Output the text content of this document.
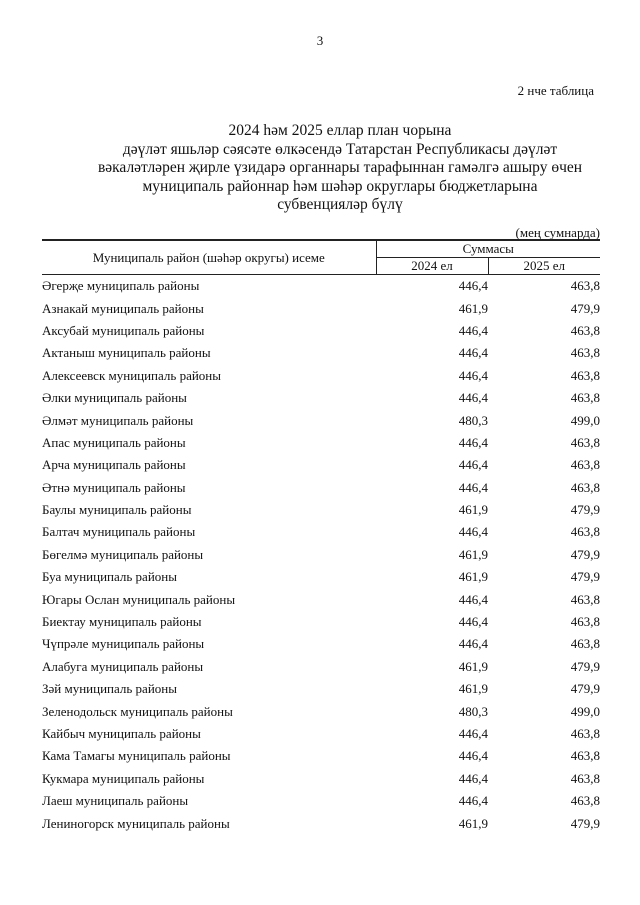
3
2 нче таблица
2024 һәм 2025 еллар план чорына
дәүләт яшьләр сәясәте өлкәсендә Татарстан Республикасы дәүләт
вәкаләтләрен җирле үзидарә органнары тарафыннан гамәлгә ашыру өчен
муниципаль районнар һәм шәһәр округлары бюджетларына
субвенцияләр бүлү
(мең сумнарда)
Муниципаль район (шәһәр округы) исеме	Суммасы	
	2024 ел	2025 ел
Әгерҗе муниципаль районы	446,4	463,8
Азнакай муниципаль районы	461,9	479,9
Аксубай муниципаль районы	446,4	463,8
Актаныш муниципаль районы	446,4	463,8
Алексеевск муниципаль районы	446,4	463,8
Әлки муниципаль районы	446,4	463,8
Әлмәт муниципаль районы	480,3	499,0
Апас муниципаль районы	446,4	463,8
Арча муниципаль районы	446,4	463,8
Әтнә муниципаль районы	446,4	463,8
Баулы муниципаль районы	461,9	479,9
Балтач муниципаль районы	446,4	463,8
Бөгелмә муниципаль районы	461,9	479,9
Буа муниципаль районы	461,9	479,9
Югары Ослан муниципаль районы	446,4	463,8
Биектау муниципаль районы	446,4	463,8
Чүпрәле муниципаль районы	446,4	463,8
Алабуга муниципаль районы	461,9	479,9
Зәй муниципаль районы	461,9	479,9
Зеленодольск муниципаль районы	480,3	499,0
Кайбыч муниципаль районы	446,4	463,8
Кама Тамагы муниципаль районы	446,4	463,8
Кукмара муниципаль районы	446,4	463,8
Лаеш муниципаль районы	446,4	463,8
Лениногорск муниципаль районы	461,9	479,9
